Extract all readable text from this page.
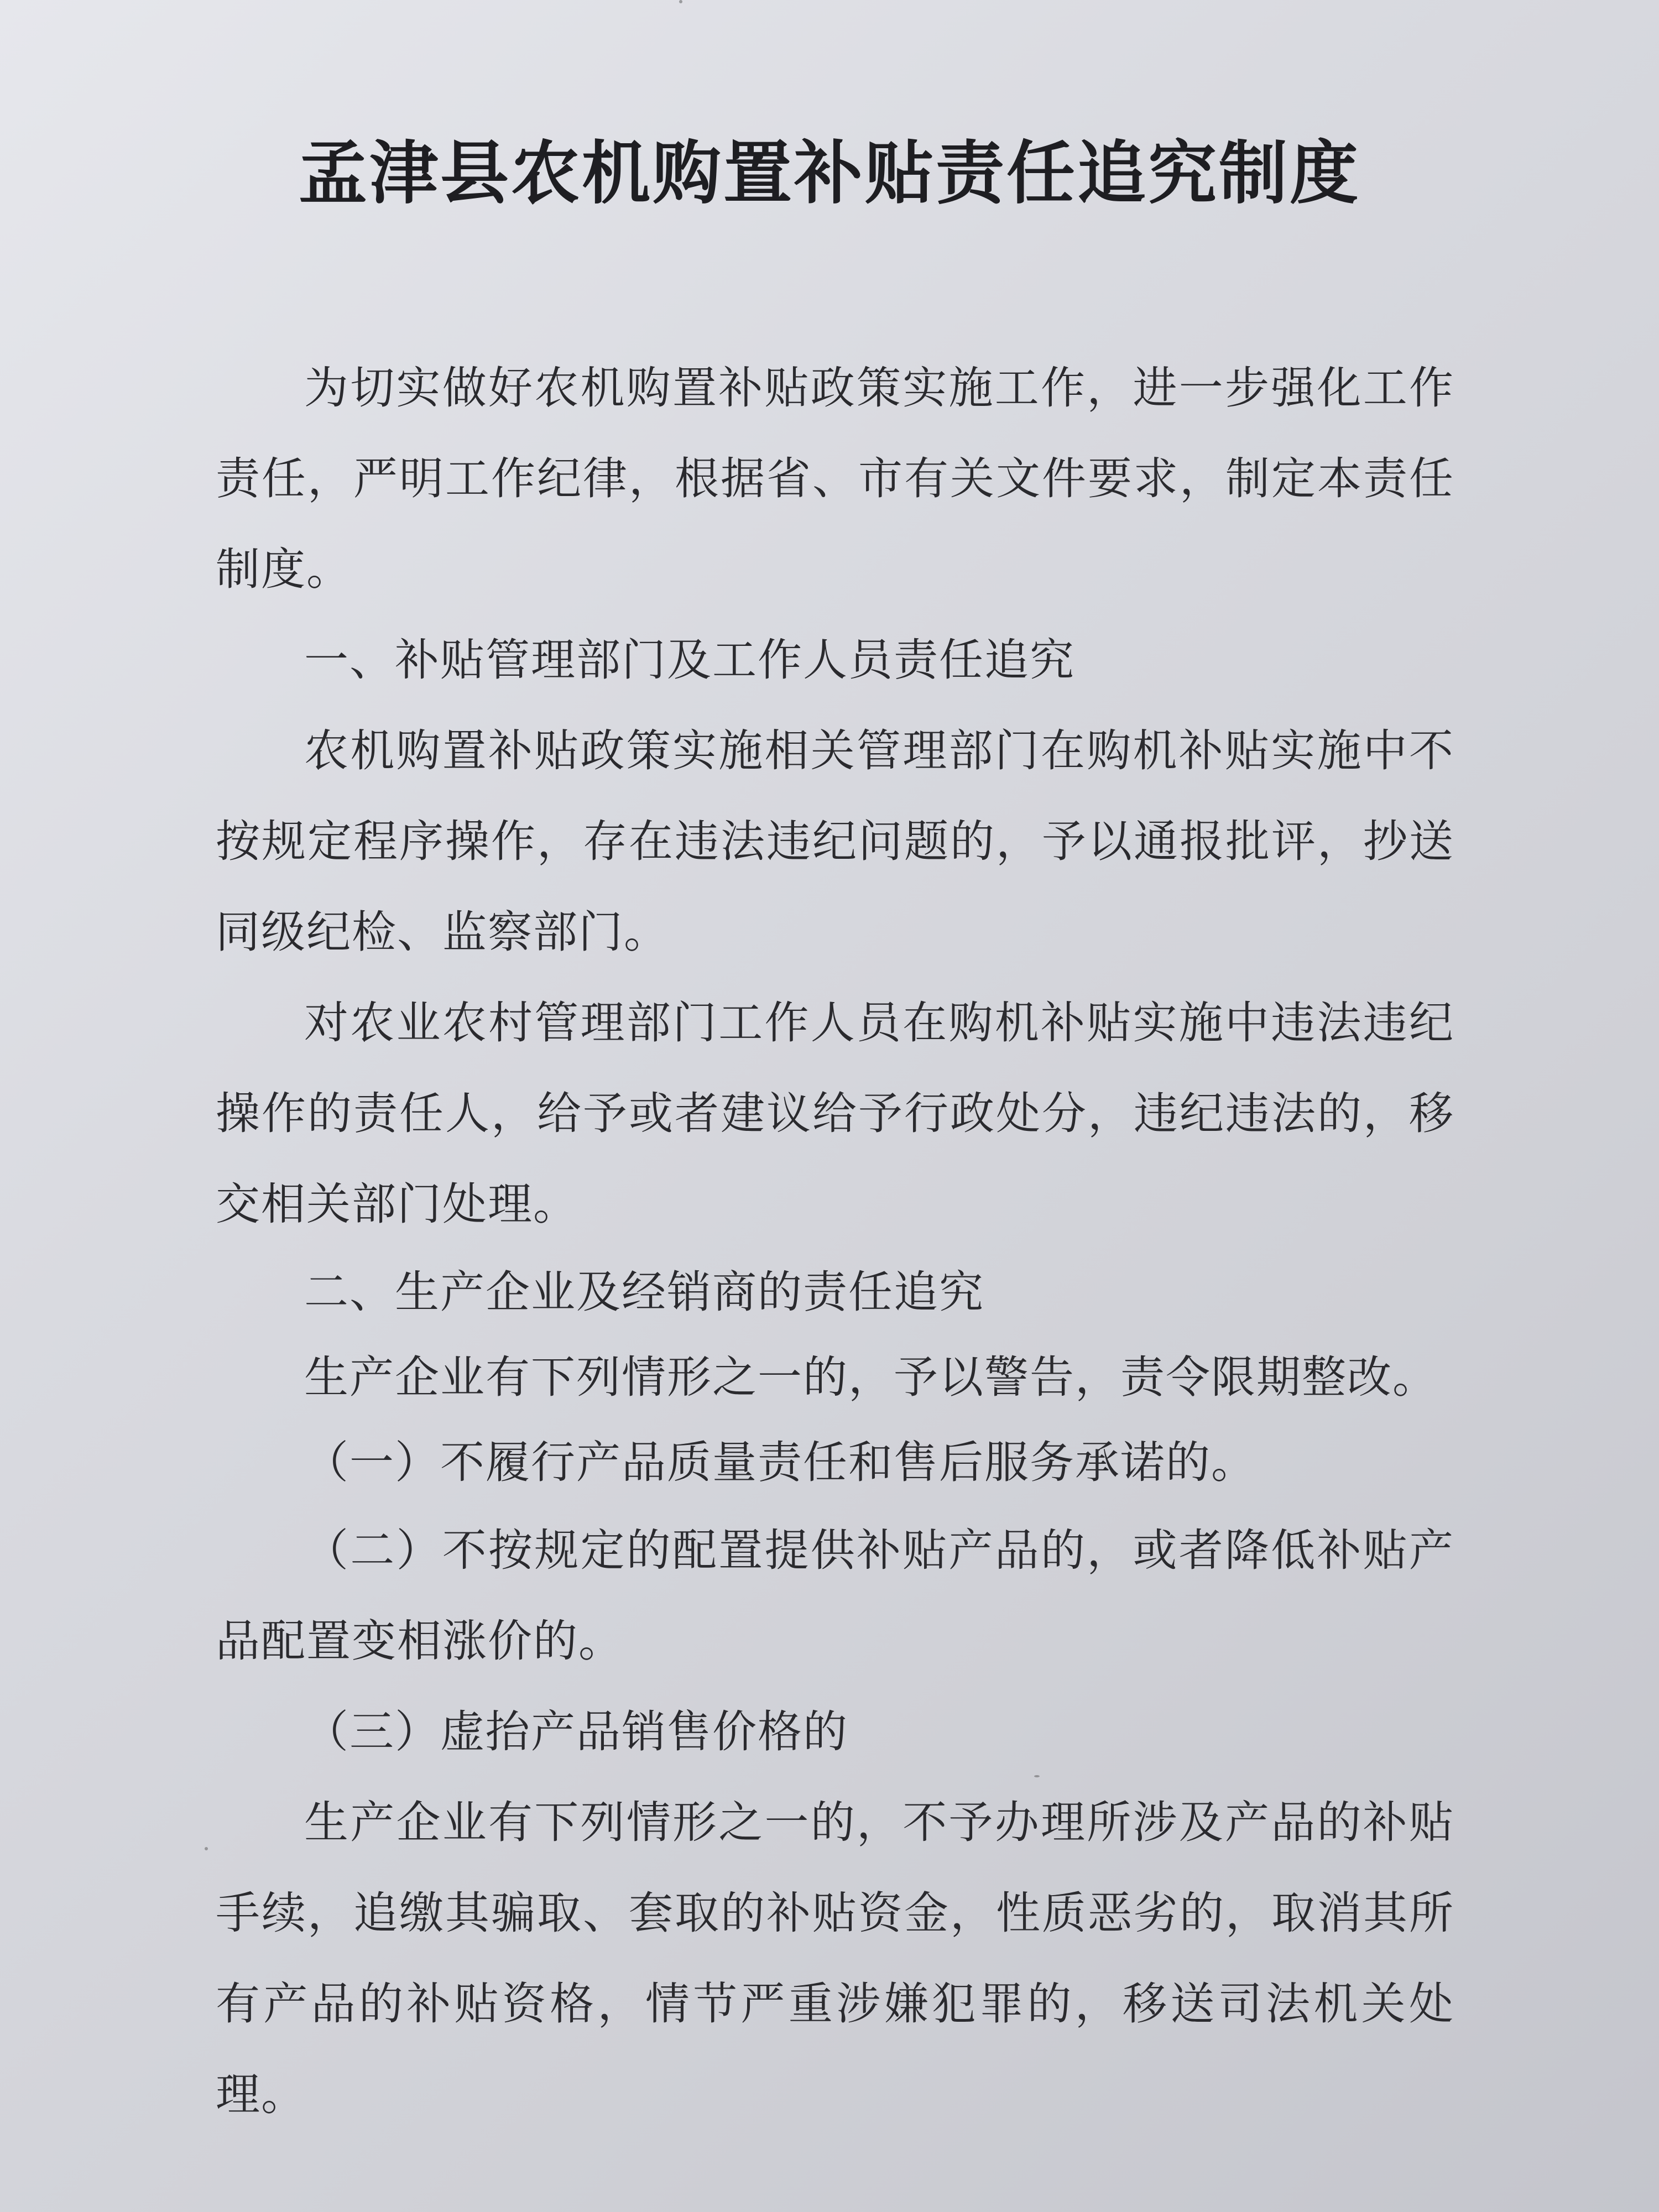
孟津县农机购置补贴责任追究制度

为切实做好农机购置补贴政策实施工作，进一步强化工作责任，严明工作纪律，根据省、市有关文件要求，制定本责任制度。

一、补贴管理部门及工作人员责任追究

农机购置补贴政策实施相关管理部门在购机补贴实施中不按规定程序操作，存在违法违纪问题的，予以通报批评，抄送同级纪检、监察部门。

对农业农村管理部门工作人员在购机补贴实施中违法违纪操作的责任人，给予或者建议给予行政处分，违纪违法的，移交相关部门处理。

二、生产企业及经销商的责任追究

生产企业有下列情形之一的，予以警告，责令限期整改。

（一）不履行产品质量责任和售后服务承诺的。

（二）不按规定的配置提供补贴产品的，或者降低补贴产品配置变相涨价的。

（三）虚抬产品销售价格的

生产企业有下列情形之一的，不予办理所涉及产品的补贴手续，追缴其骗取、套取的补贴资金，性质恶劣的，取消其所有产品的补贴资格，情节严重涉嫌犯罪的，移送司法机关处理。
